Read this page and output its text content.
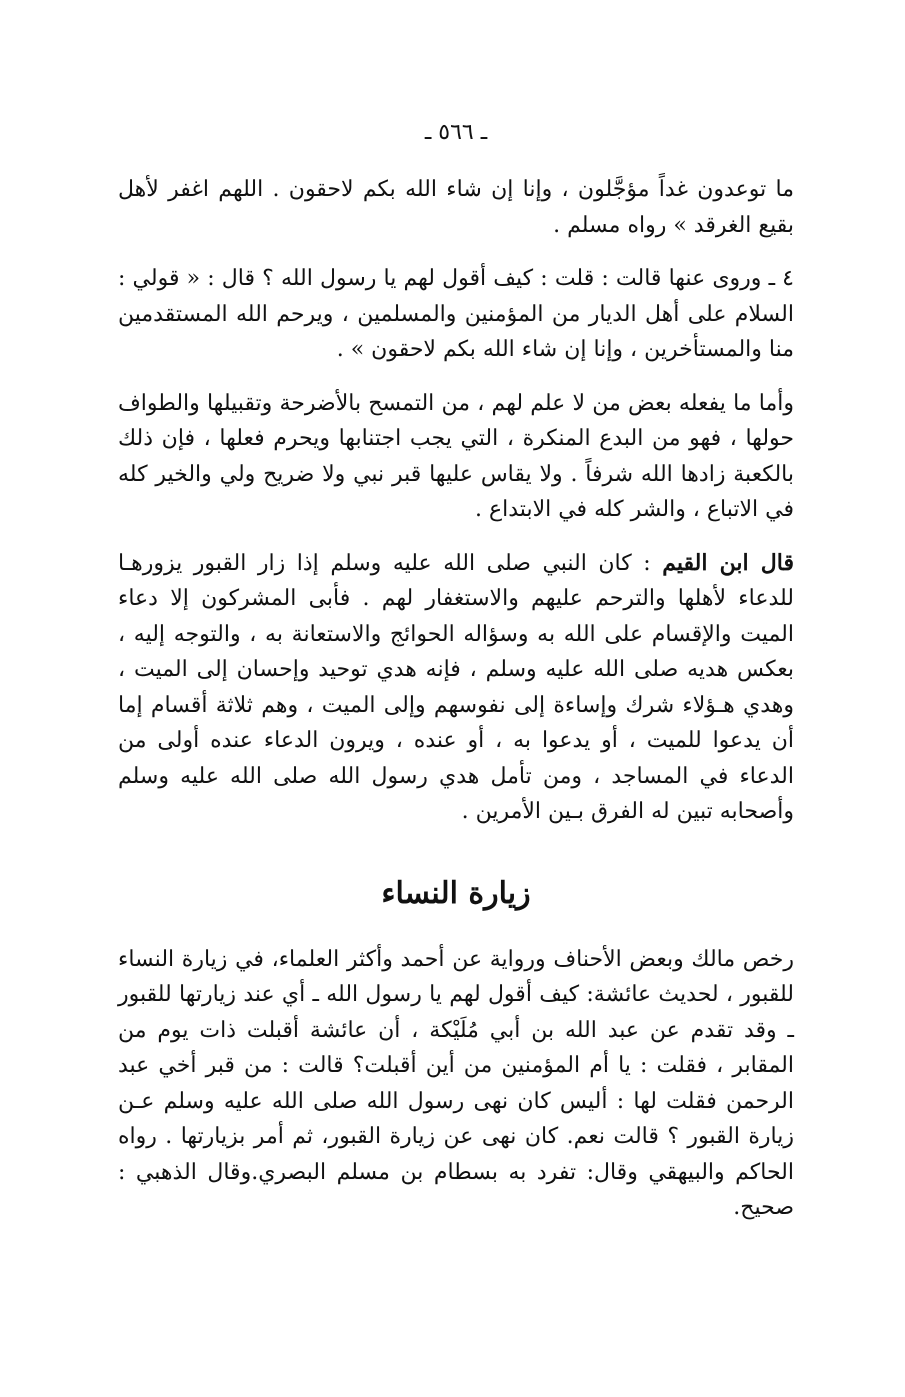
ـ ٥٦٦ ـ

ما توعدون غداً مؤجَّلون ، وإنا إن شاء الله بكم لاحقون . اللهم اغفر لأهل بقيع الغرقد » رواه مسلم .

٤ ـ وروى عنها قالت : قلت : كيف أقول لهم يا رسول الله ؟ قال : « قولي : السلام على أهل الديار من المؤمنين والمسلمين ، ويرحم الله المستقدمين منا والمستأخرين ، وإنا إن شاء الله بكم لاحقون » .

وأما ما يفعله بعض من لا علم لهم ، من التمسح بالأضرحة وتقبيلها والطواف حولها ، فهو من البدع المنكرة ، التي يجب اجتنابها ويحرم فعلها ، فإن ذلك بالكعبة زادها الله شرفاً . ولا يقاس عليها قبر نبي ولا ضريح ولي والخير كله في الاتباع ، والشر كله في الابتداع .

قال ابن القيم : كان النبي صلى الله عليه وسلم إذا زار القبور يزورهـا للدعاء لأهلها والترحم عليهم والاستغفار لهم . فأبى المشركون إلا دعاء الميت والإقسام على الله به وسؤاله الحوائج والاستعانة به ، والتوجه إليه ، بعكس هديه صلى الله عليه وسلم ، فإنه هدي توحيد وإحسان إلى الميت ، وهدي هـؤلاء شرك وإساءة إلى نفوسهم وإلى الميت ، وهم ثلاثة أقسام إما أن يدعوا للميت ، أو يدعوا به ، أو عنده ، ويرون الدعاء عنده أولى من الدعاء في المساجد ، ومن تأمل هدي رسول الله صلى الله عليه وسلم وأصحابه تبين له الفرق بـين الأمرين .

زيارة النساء

رخص مالك وبعض الأحناف ورواية عن أحمد وأكثر العلماء، في زيارة النساء للقبور ، لحديث عائشة: كيف أقول لهم يا رسول الله ـ أي عند زيارتها للقبور ـ وقد تقدم عن عبد الله بن أبي مُلَيْكة ، أن عائشة أقبلت ذات يوم من المقابر ، فقلت : يا أم المؤمنين من أين أقبلت؟ قالت : من قبر أخي عبد الرحمن فقلت لها : أليس كان نهى رسول الله صلى الله عليه وسلم عـن زيارة القبور ؟ قالت نعم. كان نهى عن زيارة القبور، ثم أمر بزيارتها . رواه الحاكم والبيهقي وقال: تفرد به بسطام بن مسلم البصري.وقال الذهبي : صحيح.
